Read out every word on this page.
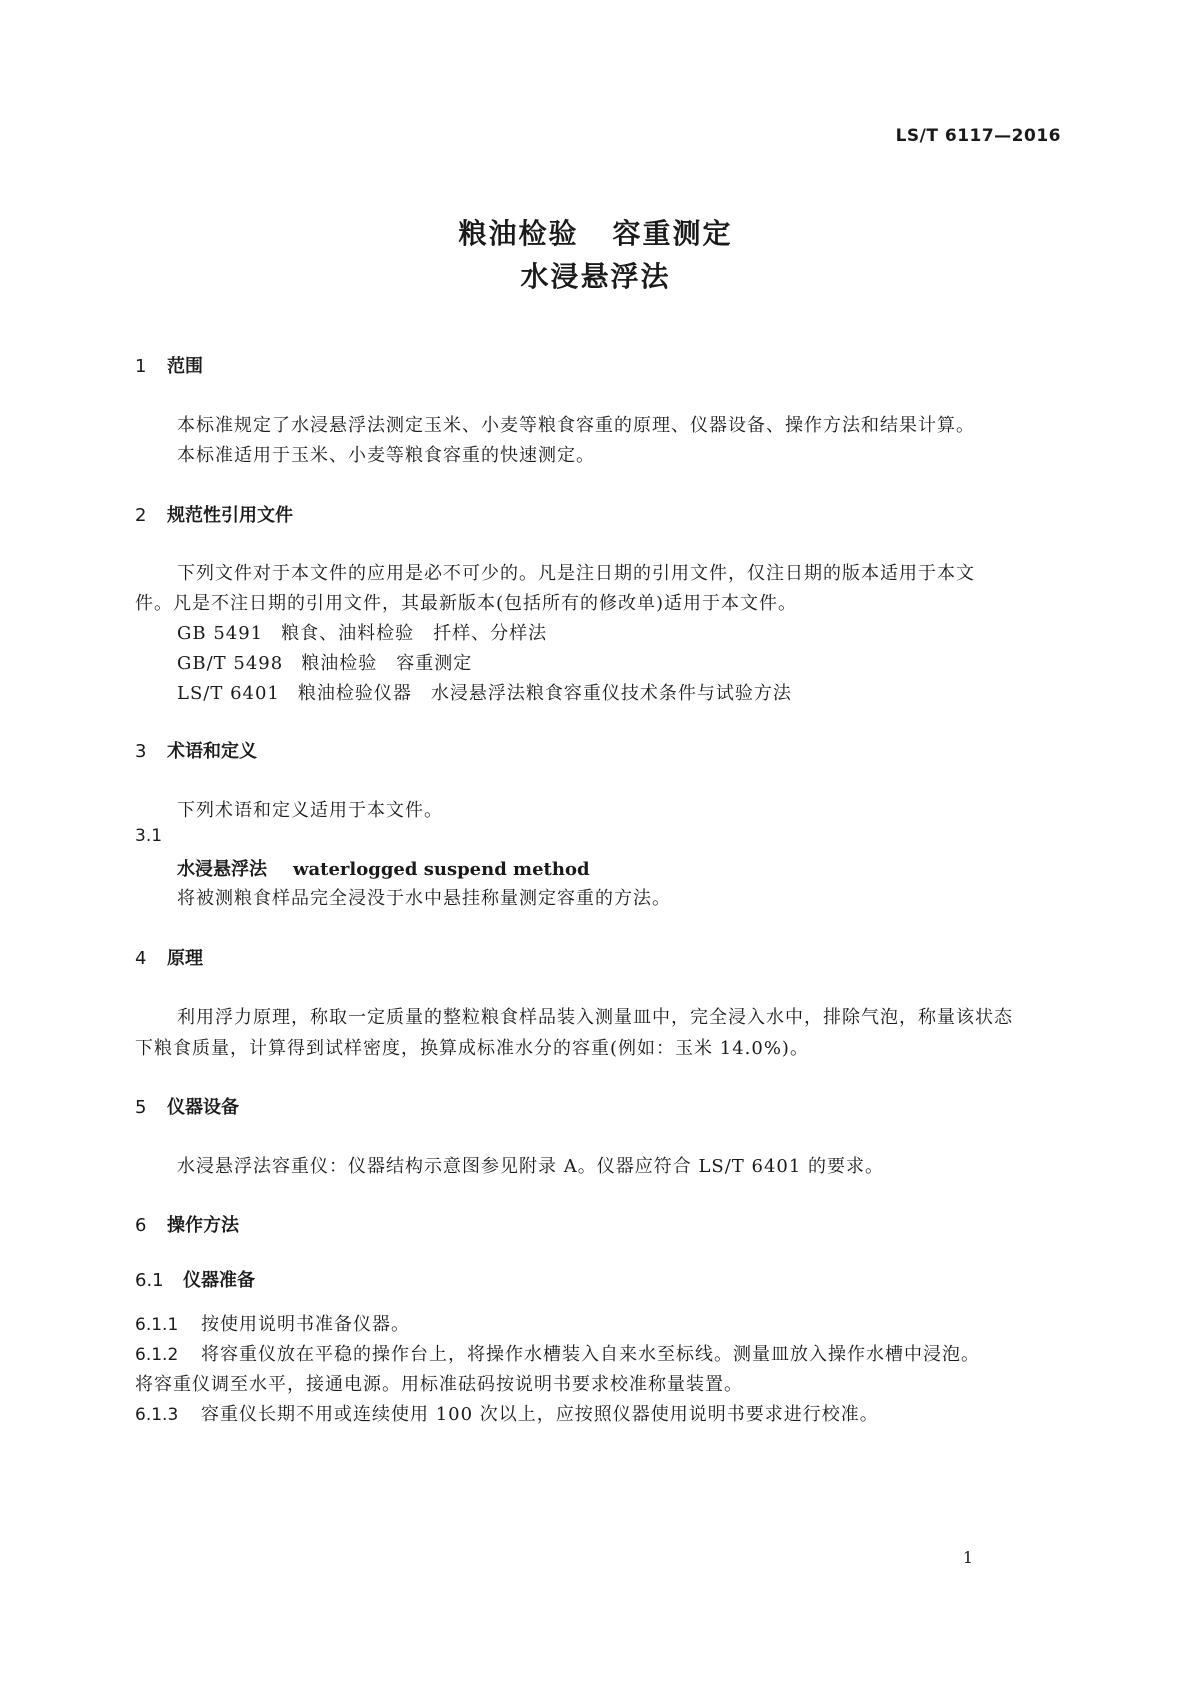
LS/T 6117—2016
粮油检验 容重测定
水浸悬浮法
1 范围
本标准规定了水浸悬浮法测定玉米、小麦等粮食容重的原理、仪器设备、操作方法和结果计算。
本标准适用于玉米、小麦等粮食容重的快速测定。
2 规范性引用文件
下列文件对于本文件的应用是必不可少的。凡是注日期的引用文件，仅注日期的版本适用于本文
件。凡是不注日期的引用文件，其最新版本(包括所有的修改单)适用于本文件。
GB 5491 粮食、油料检验　扦样、分样法
GB/T 5498 粮油检验　容重测定
LS/T 6401 粮油检验仪器　水浸悬浮法粮食容重仪技术条件与试验方法
3 术语和定义
下列术语和定义适用于本文件。
3.1
水浸悬浮法 waterlogged suspend method
将被测粮食样品完全浸没于水中悬挂称量测定容重的方法。
4 原理
利用浮力原理，称取一定质量的整粒粮食样品装入测量皿中，完全浸入水中，排除气泡，称量该状态
下粮食质量，计算得到试样密度，换算成标准水分的容重(例如：玉米 14.0%)。
5 仪器设备
水浸悬浮法容重仪：仪器结构示意图参见附录 A。仪器应符合 LS/T 6401 的要求。
6 操作方法
6.1 仪器准备
6.1.1 按使用说明书准备仪器。
6.1.2 将容重仪放在平稳的操作台上，将操作水槽装入自来水至标线。测量皿放入操作水槽中浸泡。
将容重仪调至水平，接通电源。用标准砝码按说明书要求校准称量装置。
6.1.3 容重仪长期不用或连续使用 100 次以上，应按照仪器使用说明书要求进行校准。
1
